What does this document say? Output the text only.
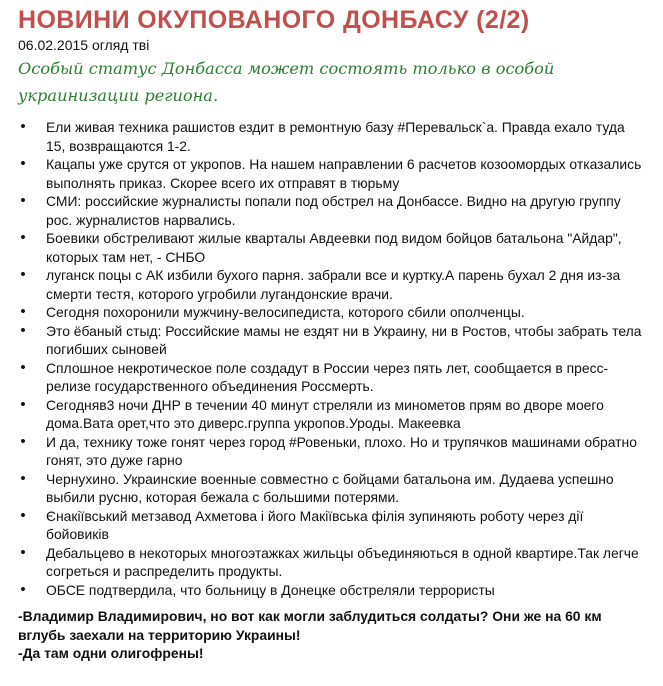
НОВИНИ ОКУПОВАНОГО ДОНБАСУ (2/2)
06.02.2015 огляд тві
Особый статус Донбасса может состоять только в особой украинизации региона.
• Ели живая техника рашистов ездит в ремонтную базу #Перевальск`а. Правда ехало туда 15, возвращаются 1-2.
• Кацапы уже срутся от укропов. На нашем направлении 6 расчетов козоомордых отказались выполнять приказ. Скорее всего их отправят в тюрьму
• СМИ: российские журналисты попали под обстрел на Донбассе. Видно на другую группу рос. журналистов нарвались.
• Боевики обстреливают жилые кварталы Авдеевки под видом бойцов батальона "Айдар", которых там нет, - СНБО
• луганск поцы с АК избили бухого парня. забрали все и куртку.А парень бухал 2 дня из-за смерти тестя, которого угробили лугандонские врачи.
• Сегодня похоронили мужчину-велосипедиста, которого сбили ополченцы.
• Это ёбаный стыд: Российские мамы не ездят ни в Украину, ни в Ростов, чтобы забрать тела погибших сыновей
• Сплошное некротическое поле создадут в России через пять лет, сообщается в пресс-релизе государственного объединения Россмерть.
• Сегодняв3 ночи ДНР в течении 40 минут стреляли из минометов прям во дворе моего дома.Вата орет,что это диверс.группа укропов.Уроды. Макеевка
• И да, технику тоже гонят через город #Ровеньки, плохо. Но и трупячков машинами обратно гонят, это дуже гарно
• Чернухино. Украинские военные совместно с бойцами батальона им. Дудаева успешно выбили русню, которая бежала с большими потерями.
• Єнакіївський метзавод Ахметова і його Макіївська філія зупиняють роботу через дії бойовиків
• Дебальцево в некоторых многоэтажках жильцы объединяються в одной квартире.Так легче согреться и распределить продукты.
• ОБСЕ подтвердила, что больницу в Донецке обстреляли террористы

-Владимир Владимирович, но вот как могли заблудиться солдаты? Они же на 60 км вглубь заехали на территорию Украины!

-Да там одни олигофрены!
